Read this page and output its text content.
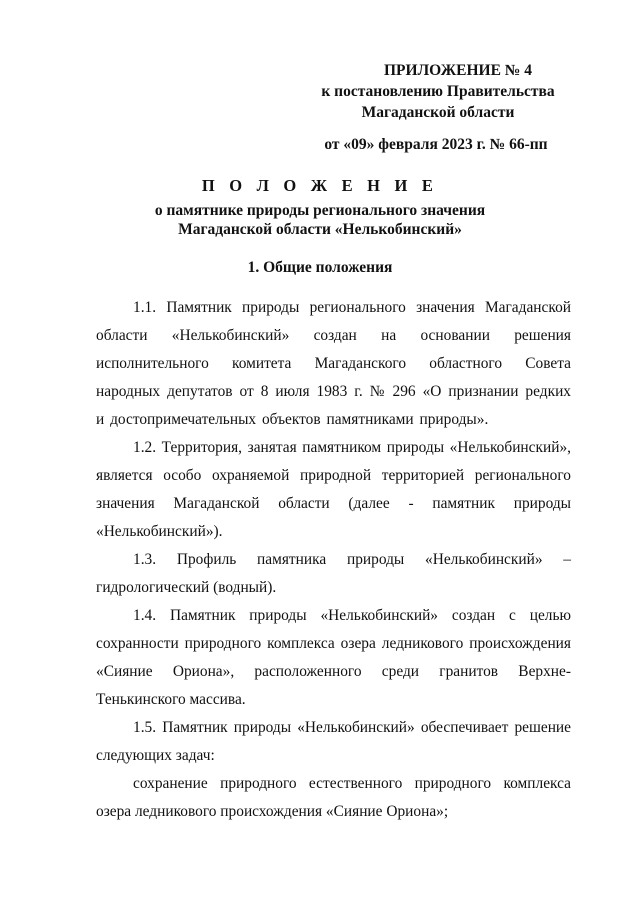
ПРИЛОЖЕНИЕ № 4
к постановлению Правительства
Магаданской области
от «09» февраля 2023 г. № 66-пп
П О Л О Ж Е Н И Е
о памятнике природы регионального значения
Магаданской области «Нелькобинский»
1. Общие положения

1.1. Памятник природы регионального значения Магаданской области «Нелькобинский» создан на основании решения исполнительного комитета Магаданского областного Совета народных депутатов от 8 июля 1983 г. № 296 «О признании редких и достопримечательных объектов памятниками природы».

1.2. Территория, занятая памятником природы «Нелькобинский», является особо охраняемой природной территорией регионального значения Магаданской области (далее - памятник природы «Нелькобинский»).

1.3. Профиль памятника природы «Нелькобинский» – гидрологический (водный).

1.4. Памятник природы «Нелькобинский» создан с целью сохранности природного комплекса озера ледникового происхождения «Сияние Ориона», расположенного среди гранитов Верхне-Тенькинского массива.

1.5. Памятник природы «Нелькобинский» обеспечивает решение следующих задач:

сохранение природного естественного природного комплекса озера ледникового происхождения «Сияние Ориона»;
